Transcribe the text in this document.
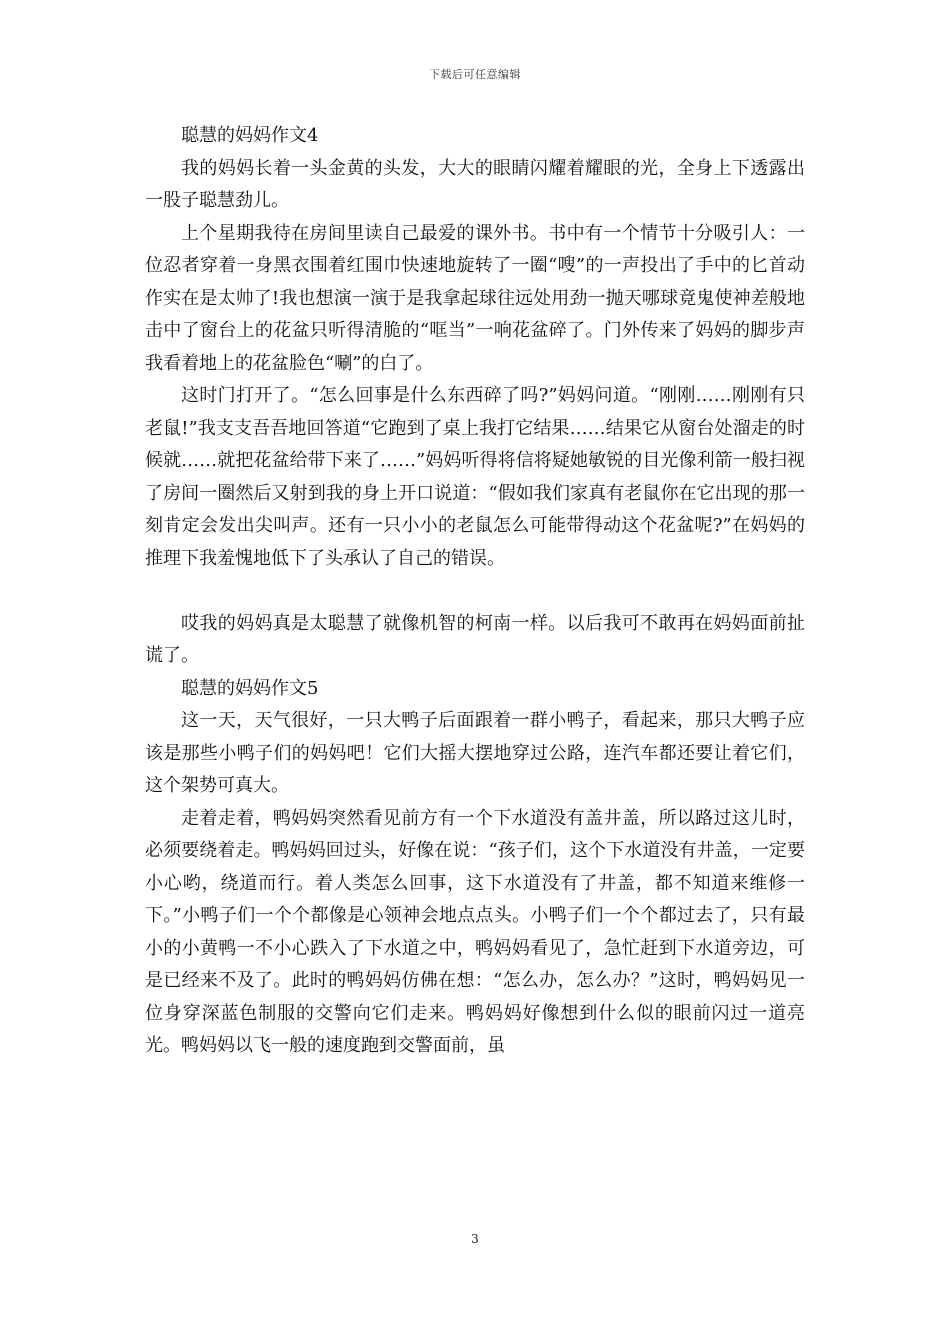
下载后可任意编辑

聪慧的妈妈作文4

我的妈妈长着一头金黄的头发，大大的眼睛闪耀着耀眼的光，全身上下透露出一股子聪慧劲儿。

上个星期我待在房间里读自己最爱的课外书。书中有一个情节十分吸引人：一位忍者穿着一身黑衣围着红围巾快速地旋转了一圈“嗖”的一声投出了手中的匕首动作实在是太帅了!我也想演一演于是我拿起球往远处用劲一抛天哪球竟鬼使神差般地击中了窗台上的花盆只听得清脆的“哐当”一响花盆碎了。门外传来了妈妈的脚步声我看着地上的花盆脸色“唰”的白了。

这时门打开了。“怎么回事是什么东西碎了吗?”妈妈问道。“刚刚……刚刚有只老鼠!”我支支吾吾地回答道“它跑到了桌上我打它结果……结果它从窗台处溜走的时候就……就把花盆给带下来了……”妈妈听得将信将疑她敏锐的目光像利箭一般扫视了房间一圈然后又射到我的身上开口说道：“假如我们家真有老鼠你在它出现的那一刻肯定会发出尖叫声。还有一只小小的老鼠怎么可能带得动这个花盆呢?”在妈妈的推理下我羞愧地低下了头承认了自己的错误。

哎我的妈妈真是太聪慧了就像机智的柯南一样。以后我可不敢再在妈妈面前扯谎了。

聪慧的妈妈作文5

这一天，天气很好，一只大鸭子后面跟着一群小鸭子，看起来，那只大鸭子应该是那些小鸭子们的妈妈吧！它们大摇大摆地穿过公路，连汽车都还要让着它们，这个架势可真大。

走着走着，鸭妈妈突然看见前方有一个下水道没有盖井盖，所以路过这儿时，必须要绕着走。鸭妈妈回过头，好像在说：“孩子们，这个下水道没有井盖，一定要小心哟，绕道而行。着人类怎么回事，这下水道没有了井盖，都不知道来维修一下。”小鸭子们一个个都像是心领神会地点点头。小鸭子们一个个都过去了，只有最小的小黄鸭一不小心跌入了下水道之中，鸭妈妈看见了，急忙赶到下水道旁边，可是已经来不及了。此时的鸭妈妈仿佛在想：“怎么办，怎么办？”这时，鸭妈妈见一位身穿深蓝色制服的交警向它们走来。鸭妈妈好像想到什么似的眼前闪过一道亮光。鸭妈妈以飞一般的速度跑到交警面前，虽

3
